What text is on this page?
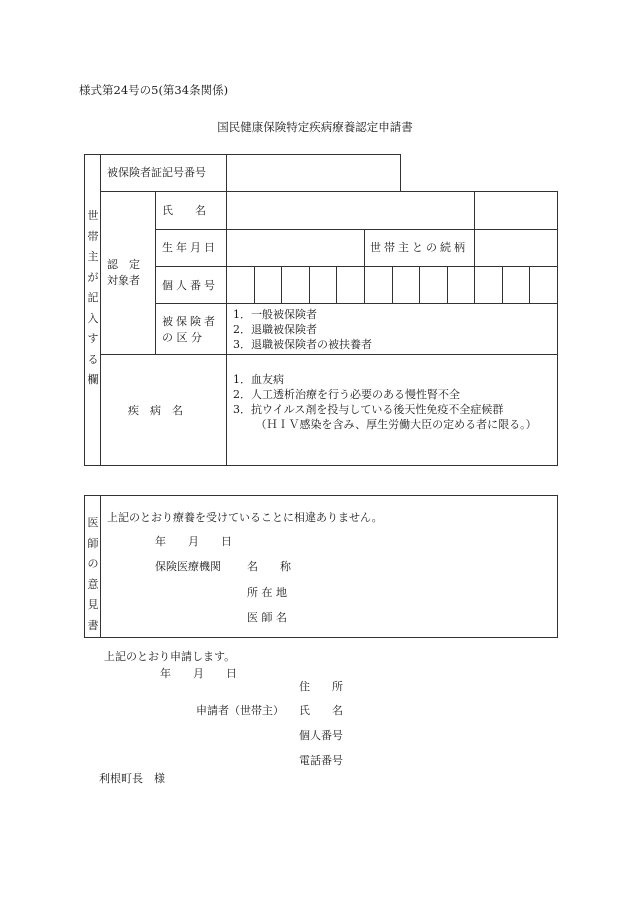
様式第24号の5(第34条関係)
国民健康保険特定疾病療養認定申請書
世
帯
主
が
記
入
す
る
欄
被保険者証記号番号
認　定
対象者
氏　　名
生年月日	世帯主との続柄
個人番号
被保険者
の 区 分
1．一般被保険者
2．退職被保険者
3．退職被保険者の被扶養者
疾　病　名
1．血友病
2．人工透析治療を行う必要のある慢性腎不全
3．抗ウイルス剤を投与している後天性免疫不全症候群
　（ＨＩＶ感染を含み、厚生労働大臣の定める者に限る。）
医
師
の
意
見
書
上記のとおり療養を受けていることに相違ありません。
年　　月　　日
保険医療機関 名　　称
所 在 地
医 師 名
上記のとおり申請します。
年　　月　　日
住　　所
申請者（世帯主） 氏　　名
個人番号
電話番号
利根町長　様
